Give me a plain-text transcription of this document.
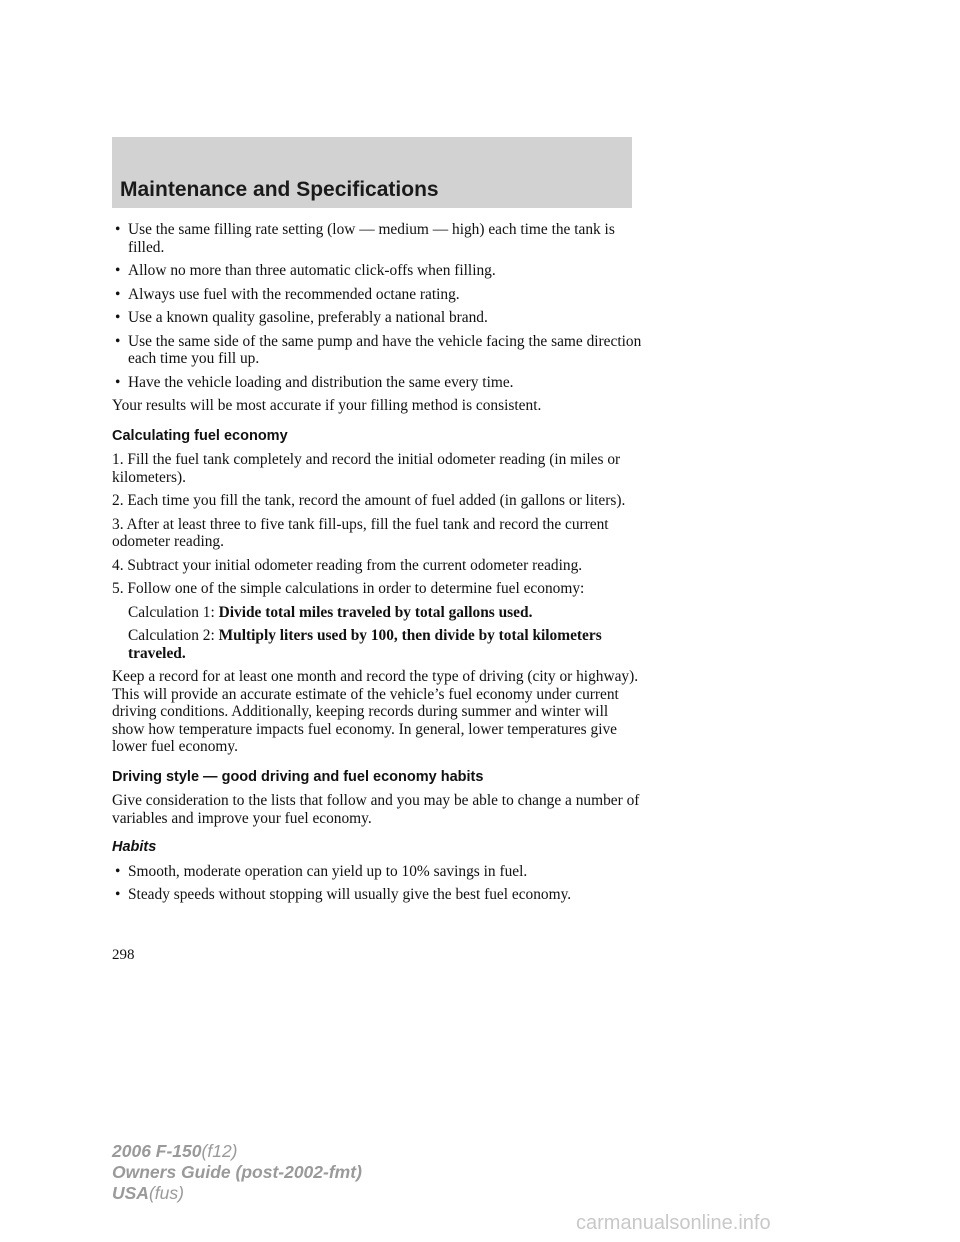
Maintenance and Specifications
• Use the same filling rate setting (low — medium — high) each time the tank is filled.
• Allow no more than three automatic click-offs when filling.
• Always use fuel with the recommended octane rating.
• Use a known quality gasoline, preferably a national brand.
• Use the same side of the same pump and have the vehicle facing the same direction each time you fill up.
• Have the vehicle loading and distribution the same every time.

Your results will be most accurate if your filling method is consistent.

Calculating fuel economy

1. Fill the fuel tank completely and record the initial odometer reading (in miles or kilometers).

2. Each time you fill the tank, record the amount of fuel added (in gallons or liters).

3. After at least three to five tank fill-ups, fill the fuel tank and record the current odometer reading.

4. Subtract your initial odometer reading from the current odometer reading.

5. Follow one of the simple calculations in order to determine fuel economy:

Calculation 1: Divide total miles traveled by total gallons used.
Calculation 2: Multiply liters used by 100, then divide by total kilometers traveled.

Keep a record for at least one month and record the type of driving (city or highway). This will provide an accurate estimate of the vehicle’s fuel economy under current driving conditions. Additionally, keeping records during summer and winter will show how temperature impacts fuel economy. In general, lower temperatures give lower fuel economy.

Driving style — good driving and fuel economy habits

Give consideration to the lists that follow and you may be able to change a number of variables and improve your fuel economy.

Habits
• Smooth, moderate operation can yield up to 10% savings in fuel.
• Steady speeds without stopping will usually give the best fuel economy.
298
2006 F-150(f12)
Owners Guide (post-2002-fmt)
USA(fus)
carmanualsonline.info
